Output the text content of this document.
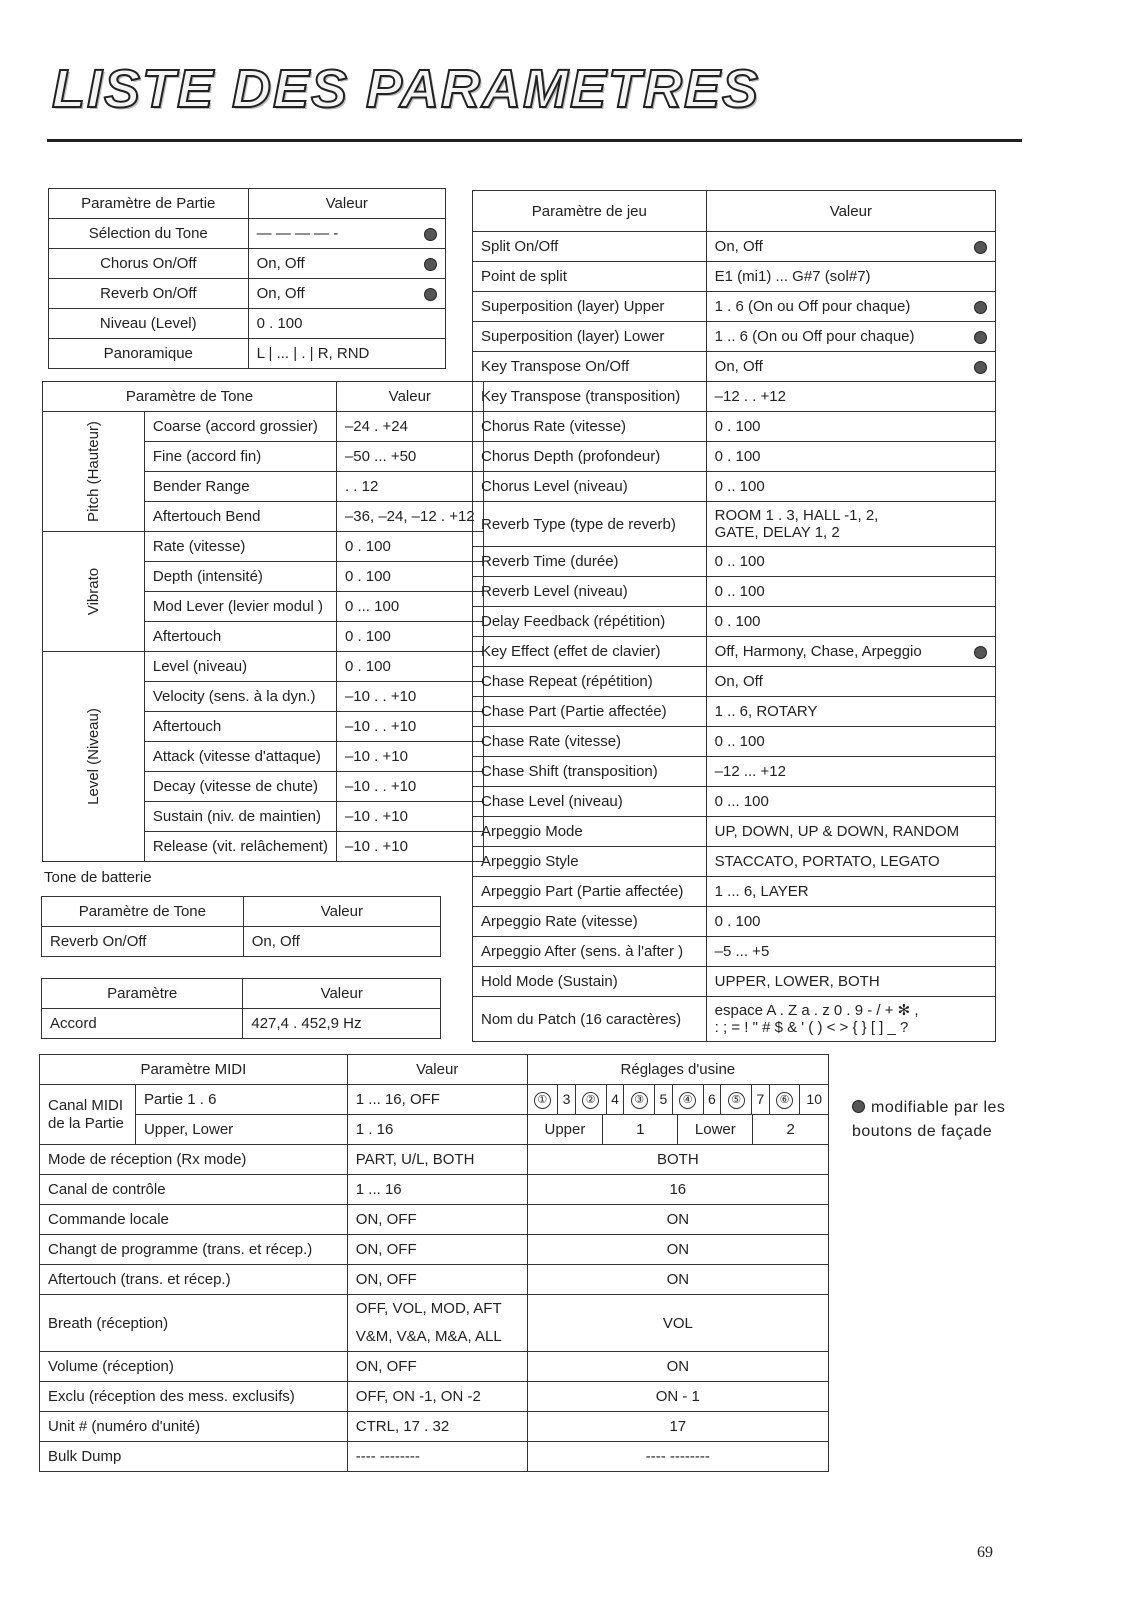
LISTE DES PARAMETRES
Paramètre de Partie	Valeur
Sélection du Tone	— — — — -
Chorus On/Off	On, Off
Reverb On/Off	On, Off
Niveau (Level)	0 . 100
Panoramique	L | ... | . | R, RND
Paramètre de Tone		Valeur
Pitch (Hauteur)	Coarse (accord grossier)	–24 . +24
	Fine (accord fin)	–50 ... +50
	Bender Range	. . 12
	Aftertouch Bend	–36, –24, –12 . +12
Vibrato	Rate (vitesse)	0 . 100
	Depth (intensité)	0 . 100
	Mod Lever (levier modul )	0 ... 100
	Aftertouch	0 . 100
Level (Niveau)	Level (niveau)	0 . 100
	Velocity (sens. à la dyn.)	–10 . . +10
	Aftertouch	–10 . . +10
	Attack (vitesse d'attaque)	–10 . +10
	Decay (vitesse de chute)	–10 . . +10
	Sustain (niv. de maintien)	–10 . +10
	Release (vit. relâchement)	–10 . +10
Tone de batterie
Paramètre de Tone	Valeur
Reverb On/Off	On, Off
Paramètre	Valeur
Accord	427,4 . 452,9 Hz
Paramètre de jeu	Valeur
Split On/Off	On, Off
Point de split	E1 (mi1) ... G#7 (sol#7)
Superposition (layer) Upper	1 . 6 (On ou Off pour chaque)
Superposition (layer) Lower	1 .. 6 (On ou Off pour chaque)
Key Transpose On/Off	On, Off
Key Transpose (transposition)	–12 . . +12
Chorus Rate (vitesse)	0 . 100
Chorus Depth (profondeur)	0 . 100
Chorus Level (niveau)	0 .. 100
Reverb Type (type de reverb)	ROOM 1 . 3, HALL -1, 2,
GATE, DELAY 1, 2
Reverb Time (durée)	0 .. 100
Reverb Level (niveau)	0 .. 100
Delay Feedback (répétition)	0 . 100
Key Effect (effet de clavier)	Off, Harmony, Chase, Arpeggio
Chase Repeat (répétition)	On, Off
Chase Part (Partie affectée)	1 .. 6, ROTARY
Chase Rate (vitesse)	0 .. 100
Chase Shift (transposition)	–12 ... +12
Chase Level (niveau)	0 ... 100
Arpeggio Mode	UP, DOWN, UP & DOWN, RANDOM
Arpeggio Style	STACCATO, PORTATO, LEGATO
Arpeggio Part (Partie affectée)	1 ... 6, LAYER
Arpeggio Rate (vitesse)	0 . 100
Arpeggio After (sens. à l'after )	–5 ... +5
Hold Mode (Sustain)	UPPER, LOWER, BOTH
Nom du Patch (16 caractères)	espace A . Z a . z 0 . 9 - / + ✻ ,
: ; = ! " # $ & ' ( ) < > { } [ ] _ ?
Paramètre MIDI	Valeur	Réglages d'usine
Canal MIDI de la Partie	Partie 1 . 6	1 ... 16, OFF		①	3	②	4	③	5	④	6	⑤	7	⑥	10

Upper, Lower	1 . 16		Upper	1	Lower	2

Mode de réception (Rx mode)	PART, U/L, BOTH	BOTH
Canal de contrôle	1 ... 16	16
Commande locale	ON, OFF	ON
Changt de programme (trans. et récep.)	ON, OFF	ON
Aftertouch (trans. et récep.)	ON, OFF	ON
Breath (réception)	OFF, VOL, MOD, AFT
V&M, V&A, M&A, ALL	VOL
Volume (réception)	ON, OFF	ON
Exclu (réception des mess. exclusifs)	OFF, ON -1, ON -2	ON - 1
Unit # (numéro d'unité)	CTRL, 17 . 32	17
Bulk Dump	---- --------	---- --------
modifiable par les
boutons de façade
69
